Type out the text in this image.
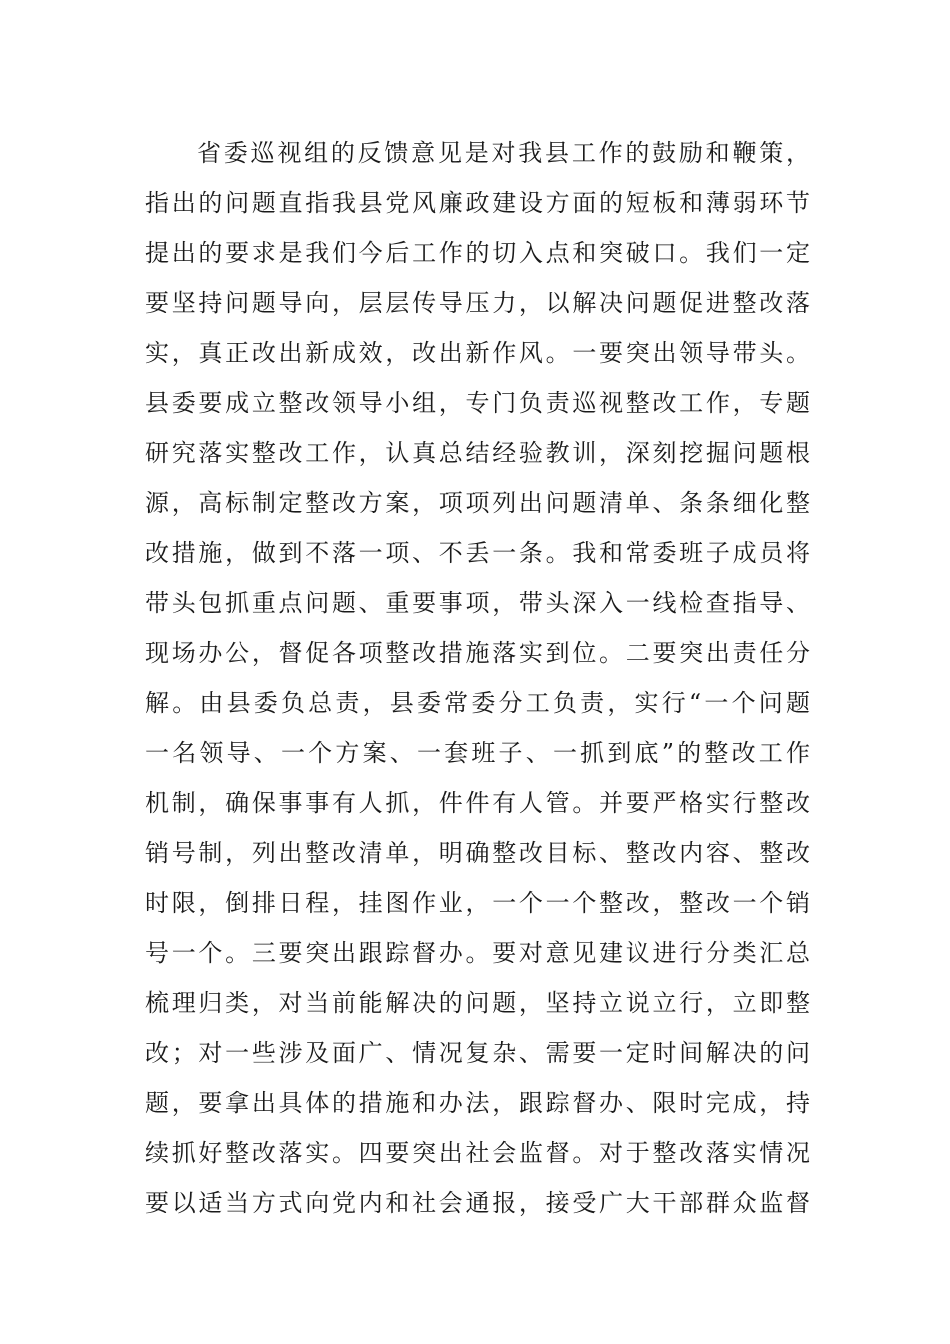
省委巡视组的反馈意见是对我县工作的鼓励和鞭策，
指出的问题直指我县党风廉政建设方面的短板和薄弱环节
提出的要求是我们今后工作的切入点和突破口。我们一定
要坚持问题导向，层层传导压力，以解决问题促进整改落
实，真正改出新成效，改出新作风。一要突出领导带头。
县委要成立整改领导小组，专门负责巡视整改工作，专题
研究落实整改工作，认真总结经验教训，深刻挖掘问题根
源，高标制定整改方案，项项列出问题清单、条条细化整
改措施，做到不落一项、不丢一条。我和常委班子成员将
带头包抓重点问题、重要事项，带头深入一线检查指导、
现场办公，督促各项整改措施落实到位。二要突出责任分
解。由县委负总责，县委常委分工负责，实行“一个问题
一名领导、一个方案、一套班子、一抓到底”的整改工作
机制，确保事事有人抓，件件有人管。并要严格实行整改
销号制，列出整改清单，明确整改目标、整改内容、整改
时限，倒排日程，挂图作业，一个一个整改，整改一个销
号一个。三要突出跟踪督办。要对意见建议进行分类汇总
梳理归类，对当前能解决的问题，坚持立说立行，立即整
改；对一些涉及面广、情况复杂、需要一定时间解决的问
题，要拿出具体的措施和办法，跟踪督办、限时完成，持
续抓好整改落实。四要突出社会监督。对于整改落实情况
要以适当方式向党内和社会通报，接受广大干部群众监督
